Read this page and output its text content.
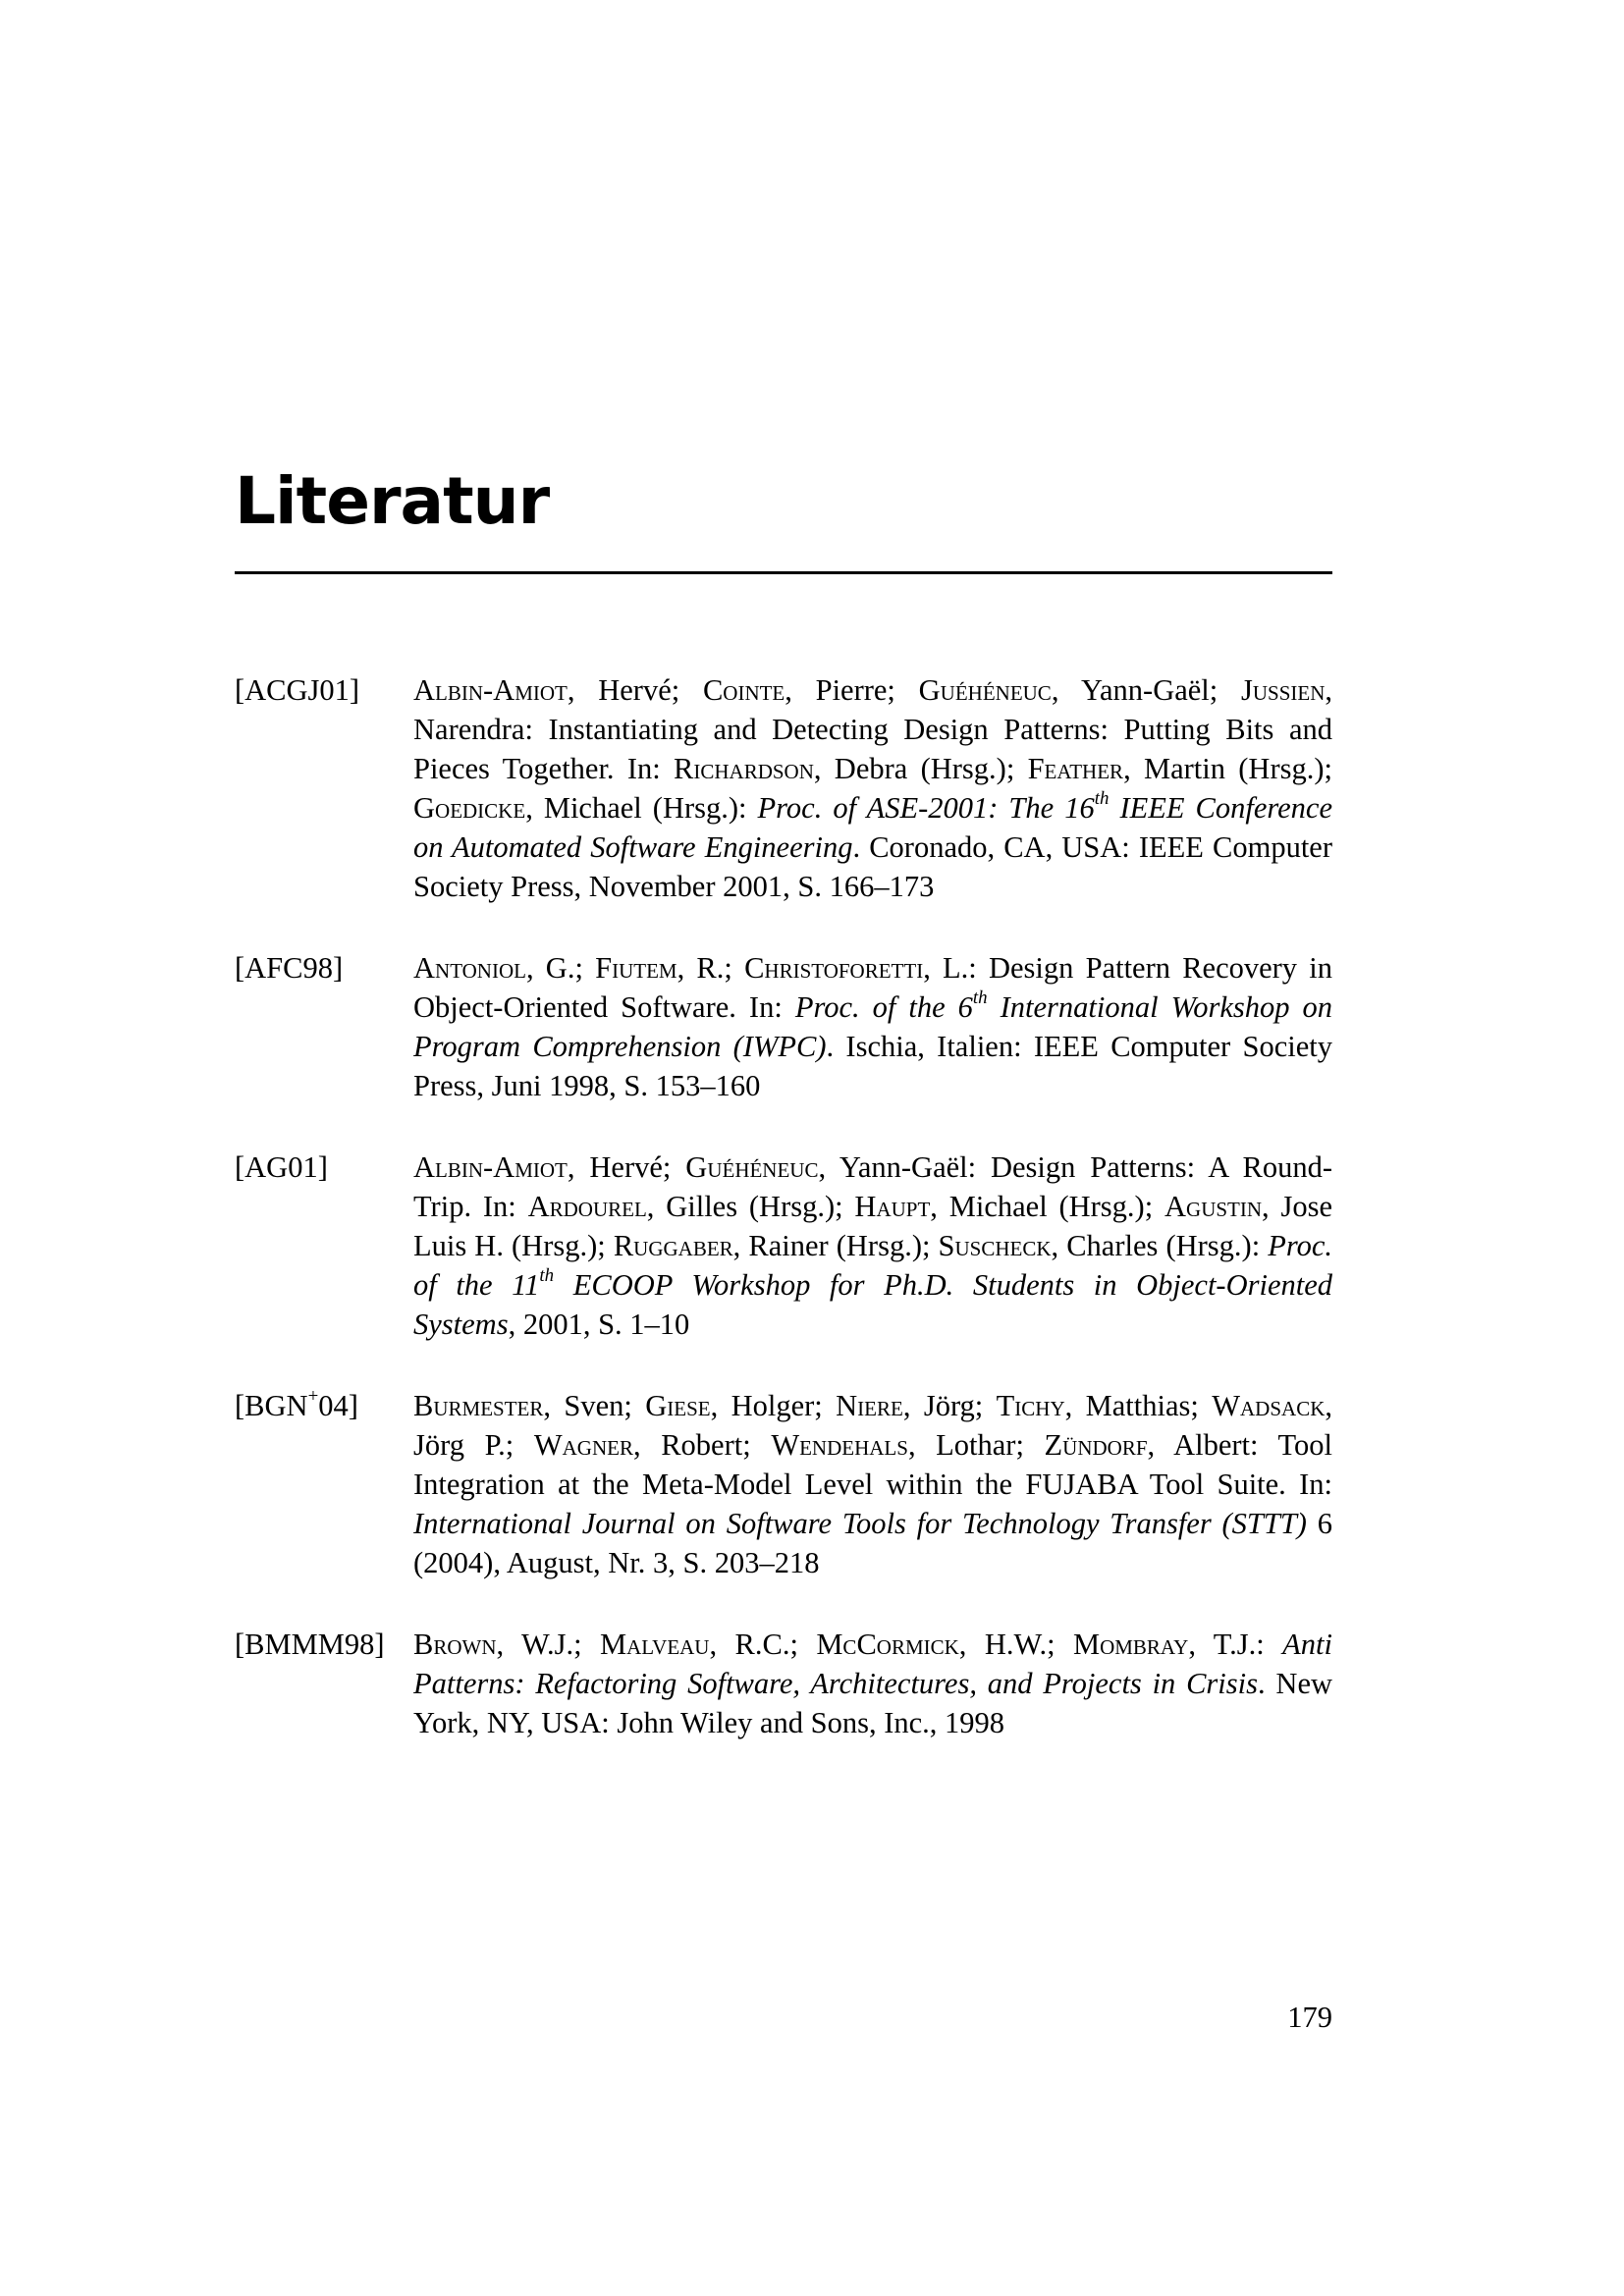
Literatur
[ACGJ01] Albin-Amiot, Hervé; Cointe, Pierre; Guéhéneuc, Yann-Gaël; Jussien, Narendra: Instantiating and Detecting Design Patterns: Putting Bits and Pieces Together. In: Richardson, Debra (Hrsg.); Feather, Martin (Hrsg.); Goedicke, Michael (Hrsg.): Proc. of ASE-2001: The 16th IEEE Conference on Automated Software Engineering. Coronado, CA, USA: IEEE Computer Society Press, November 2001, S. 166–173
[AFC98] Antoniol, G.; Fiutem, R.; Christoforetti, L.: Design Pattern Recovery in Object-Oriented Software. In: Proc. of the 6th International Workshop on Program Comprehension (IWPC). Ischia, Italien: IEEE Computer Society Press, Juni 1998, S. 153–160
[AG01]	Albin-Amiot, Hervé; Guéhéneuc, Yann-Gaël: Design Patterns: A Round-Trip. In: Ardourel, Gilles (Hrsg.); Haupt, Michael (Hrsg.); Agustin, Jose Luis H. (Hrsg.); Ruggaber, Rainer (Hrsg.); Suscheck, Charles (Hrsg.): Proc. of the 11th ECOOP Workshop for Ph.D. Students in Object-Oriented Systems, 2001, S. 1–10
[BGN+04] Burmester, Sven; Giese, Holger; Niere, Jörg; Tichy, Matthias; Wadsack, Jörg P.; Wagner, Robert; Wendehals, Lothar; Zündorf, Albert: Tool Integration at the Meta-Model Level within the FUJABA Tool Suite. In: International Journal on Software Tools for Technology Transfer (STTT) 6 (2004), August, Nr. 3, S. 203–218
[BMMM98] Brown, W.J.; Malveau, R.C.; McCormick, H.W.; Mombray, T.J.: Anti Patterns: Refactoring Software, Architectures, and Projects in Crisis. New York, NY, USA: John Wiley and Sons, Inc., 1998
179
